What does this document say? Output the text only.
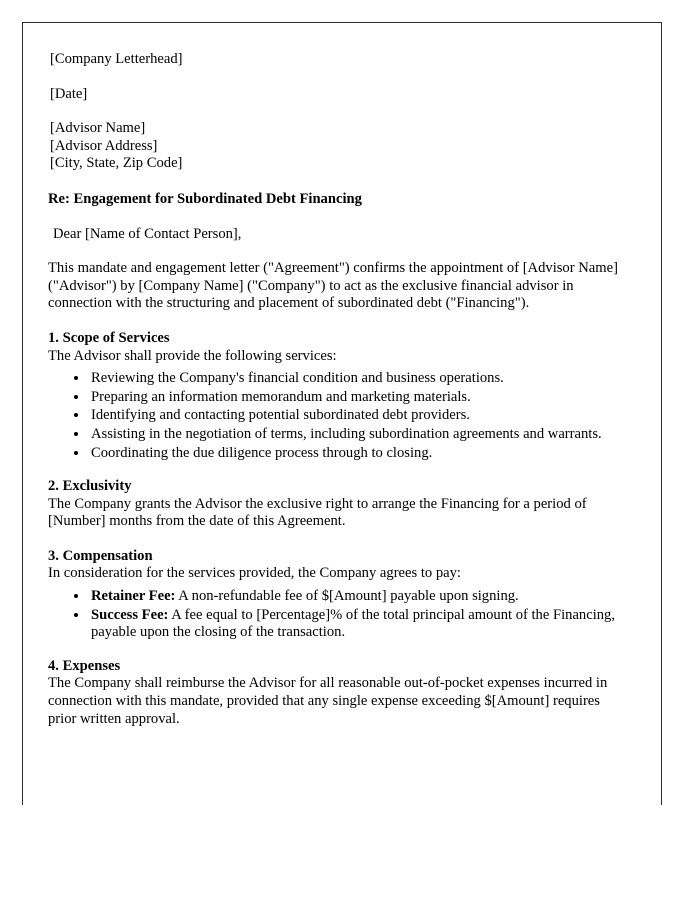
[Company Letterhead]

[Date]

[Advisor Name]

[Advisor Address]

[City, State, Zip Code]

Re: Engagement for Subordinated Debt Financing

Dear [Name of Contact Person],

This mandate and engagement letter ("Agreement") confirms the appointment of [Advisor Name] ("Advisor") by [Company Name] ("Company") to act as the exclusive financial advisor in connection with the structuring and placement of subordinated debt ("Financing").

1. Scope of Services

The Advisor shall provide the following services:

• Reviewing the Company's financial condition and business operations.
• Preparing an information memorandum and marketing materials.
• Identifying and contacting potential subordinated debt providers.
• Assisting in the negotiation of terms, including subordination agreements and warrants.
• Coordinating the due diligence process through to closing.

2. Exclusivity

The Company grants the Advisor the exclusive right to arrange the Financing for a period of [Number] months from the date of this Agreement.

3. Compensation

In consideration for the services provided, the Company agrees to pay:

• Retainer Fee: A non-refundable fee of $[Amount] payable upon signing.
• Success Fee: A fee equal to [Percentage]% of the total principal amount of the Financing, payable upon the closing of the transaction.

4. Expenses

The Company shall reimburse the Advisor for all reasonable out-of-pocket expenses incurred in connection with this mandate, provided that any single expense exceeding $[Amount] requires prior written approval.
